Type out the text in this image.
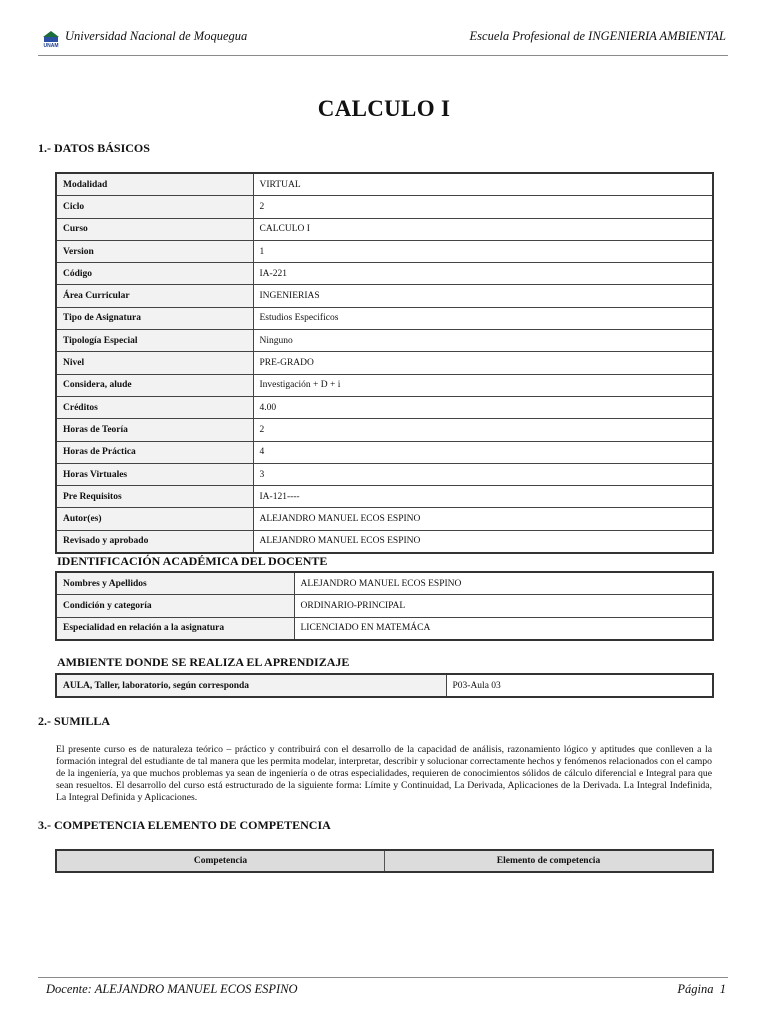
UNAM
Universidad Nacional de Moquegua	Escuela Profesional de INGENIERIA AMBIENTAL
CALCULO I
1.- DATOS BÁSICOS
Modalidad	VIRTUAL
Ciclo	2
Curso	CALCULO I
Version	1
Código	IA-221
Área Curricular	INGENIERIAS
Tipo de Asignatura	Estudios Especificos
Tipología Especial	Ninguno
Nivel	PRE-GRADO
Considera, alude	Investigación + D + i
Créditos	4.00
Horas de Teoría	2
Horas de Práctica	4
Horas Virtuales	3
Pre Requisitos	IA-121----
Autor(es)	ALEJANDRO MANUEL ECOS ESPINO
Revisado y aprobado	ALEJANDRO MANUEL ECOS ESPINO
IDENTIFICACIÓN ACADÉMICA DEL DOCENTE
Nombres y Apellidos	ALEJANDRO MANUEL ECOS ESPINO
Condición y categoría	ORDINARIO-PRINCIPAL
Especialidad en relación a la asignatura	LICENCIADO EN MATEMÁCA
AMBIENTE DONDE SE REALIZA EL APRENDIZAJE
AULA, Taller, laboratorio, según corresponda	P03-Aula 03
2.- SUMILLA
El presente curso es de naturaleza teórico – práctico y contribuirá con el desarrollo de la capacidad de análisis, razonamiento lógico y aptitudes que conlleven a la formación integral del estudiante de tal manera que les permita modelar, interpretar, describir y solucionar correctamente hechos y fenómenos relacionados con el campo de la ingeniería, ya que muchos problemas ya sean de ingeniería o de otras especialidades, requieren de conocimientos sólidos de cálculo diferencial e Integral para que sean resueltos. El desarrollo del curso está estructurado de la siguiente forma: Límite y Continuidad, La Derivada, Aplicaciones de la Derivada. La Integral Indefinida, La Integral Definida y Aplicaciones.
3.- COMPETENCIA ELEMENTO DE COMPETENCIA
Competencia	Elemento de competencia
Docente: ALEJANDRO MANUEL ECOS ESPINO	Página 1
